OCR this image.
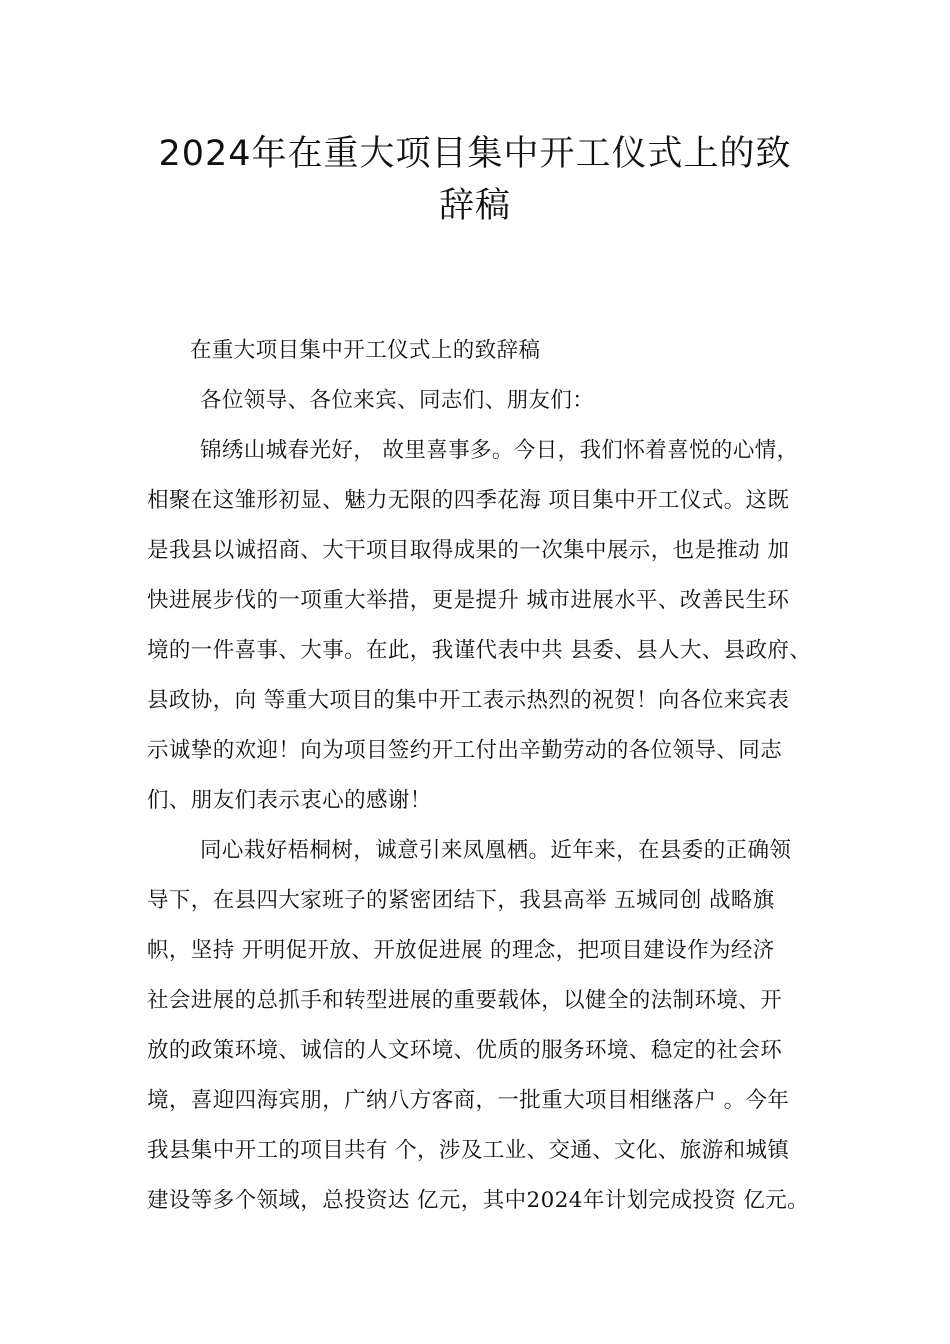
2024年在重大项目集中开工仪式上的致
辞稿
在重大项目集中开工仪式上的致辞稿
各位领导、各位来宾、同志们、朋友们：
锦绣山城春光好， 故里喜事多。今日，我们怀着喜悦的心情，
相聚在这雏形初显、魅力无限的四季花海 项目集中开工仪式。这既
是我县以诚招商、大干项目取得成果的一次集中展示，也是推动 加
快进展步伐的一项重大举措，更是提升 城市进展水平、改善民生环
境的一件喜事、大事。在此，我谨代表中共 县委、县人大、县政府、
县政协，向 等重大项目的集中开工表示热烈的祝贺！向各位来宾表
示诚挚的欢迎！向为项目签约开工付出辛勤劳动的各位领导、同志
们、朋友们表示衷心的感谢！
同心栽好梧桐树，诚意引来凤凰栖。近年来，在县委的正确领
导下，在县四大家班子的紧密团结下，我县高举 五城同创 战略旗
帜，坚持 开明促开放、开放促进展 的理念，把项目建设作为经济
社会进展的总抓手和转型进展的重要载体，以健全的法制环境、开
放的政策环境、诚信的人文环境、优质的服务环境、稳定的社会环
境，喜迎四海宾朋，广纳八方客商，一批重大项目相继落户 。今年
我县集中开工的项目共有 个，涉及工业、交通、文化、旅游和城镇
建设等多个领域，总投资达 亿元，其中2024年计划完成投资 亿元。
